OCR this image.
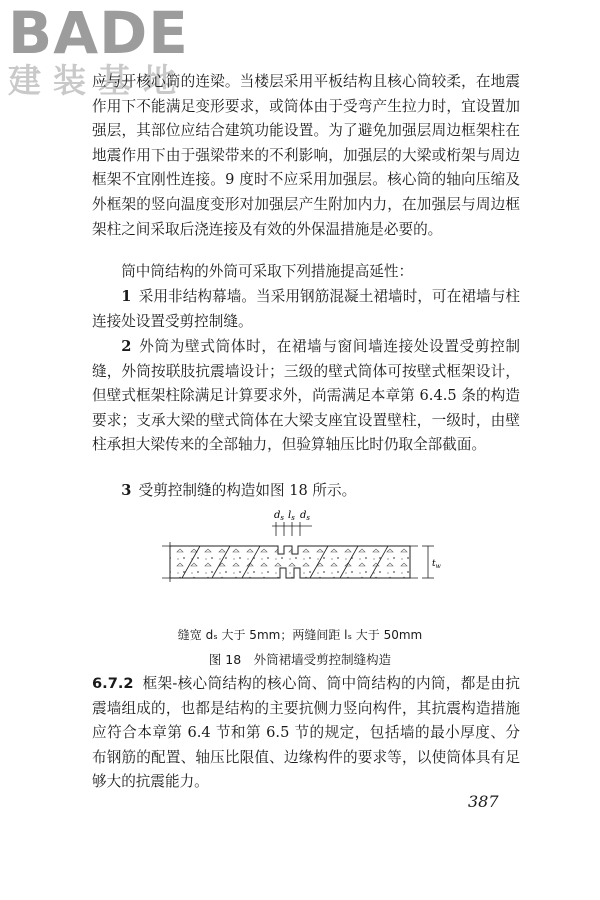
BADE
建装基地

应与开核心筒的连梁。当楼层采用平板结构且核心筒较柔，在地震作用下不能满足变形要求，或筒体由于受弯产生拉力时，宜设置加强层，其部位应结合建筑功能设置。为了避免加强层周边框架柱在地震作用下由于强梁带来的不利影响，加强层的大梁或桁架与周边框架不宜刚性连接。9 度时不应采用加强层。核心筒的轴向压缩及外框架的竖向温度变形对加强层产生附加内力，在加强层与周边框架柱之间采取后浇连接及有效的外保温措施是必要的。

筒中筒结构的外筒可采取下列措施提高延性：

1 采用非结构幕墙。当采用钢筋混凝土裙墙时，可在裙墙与柱连接处设置受剪控制缝。

2 外筒为壁式筒体时，在裙墙与窗间墙连接处设置受剪控制缝，外筒按联肢抗震墙设计；三级的壁式筒体可按壁式框架设计，但壁式框架柱除满足计算要求外，尚需满足本章第 6.4.5 条的构造要求；支承大梁的壁式筒体在大梁支座宜设置壁柱，一级时，由壁柱承担大梁传来的全部轴力，但验算轴压比时仍取全部截面。

3 受剪控制缝的构造如图 18 所示。

$d_s$ $l_s$ $d_s$
$t_w$
缝宽 dₛ 大于 5mm；两缝间距 lₛ 大于 50mm
图 18　外筒裙墙受剪控制缝构造

6.7.2 框架-核心筒结构的核心筒、筒中筒结构的内筒，都是由抗震墙组成的，也都是结构的主要抗侧力竖向构件，其抗震构造措施应符合本章第 6.4 节和第 6.5 节的规定，包括墙的最小厚度、分布钢筋的配置、轴压比限值、边缘构件的要求等，以使筒体具有足够大的抗震能力。

387
